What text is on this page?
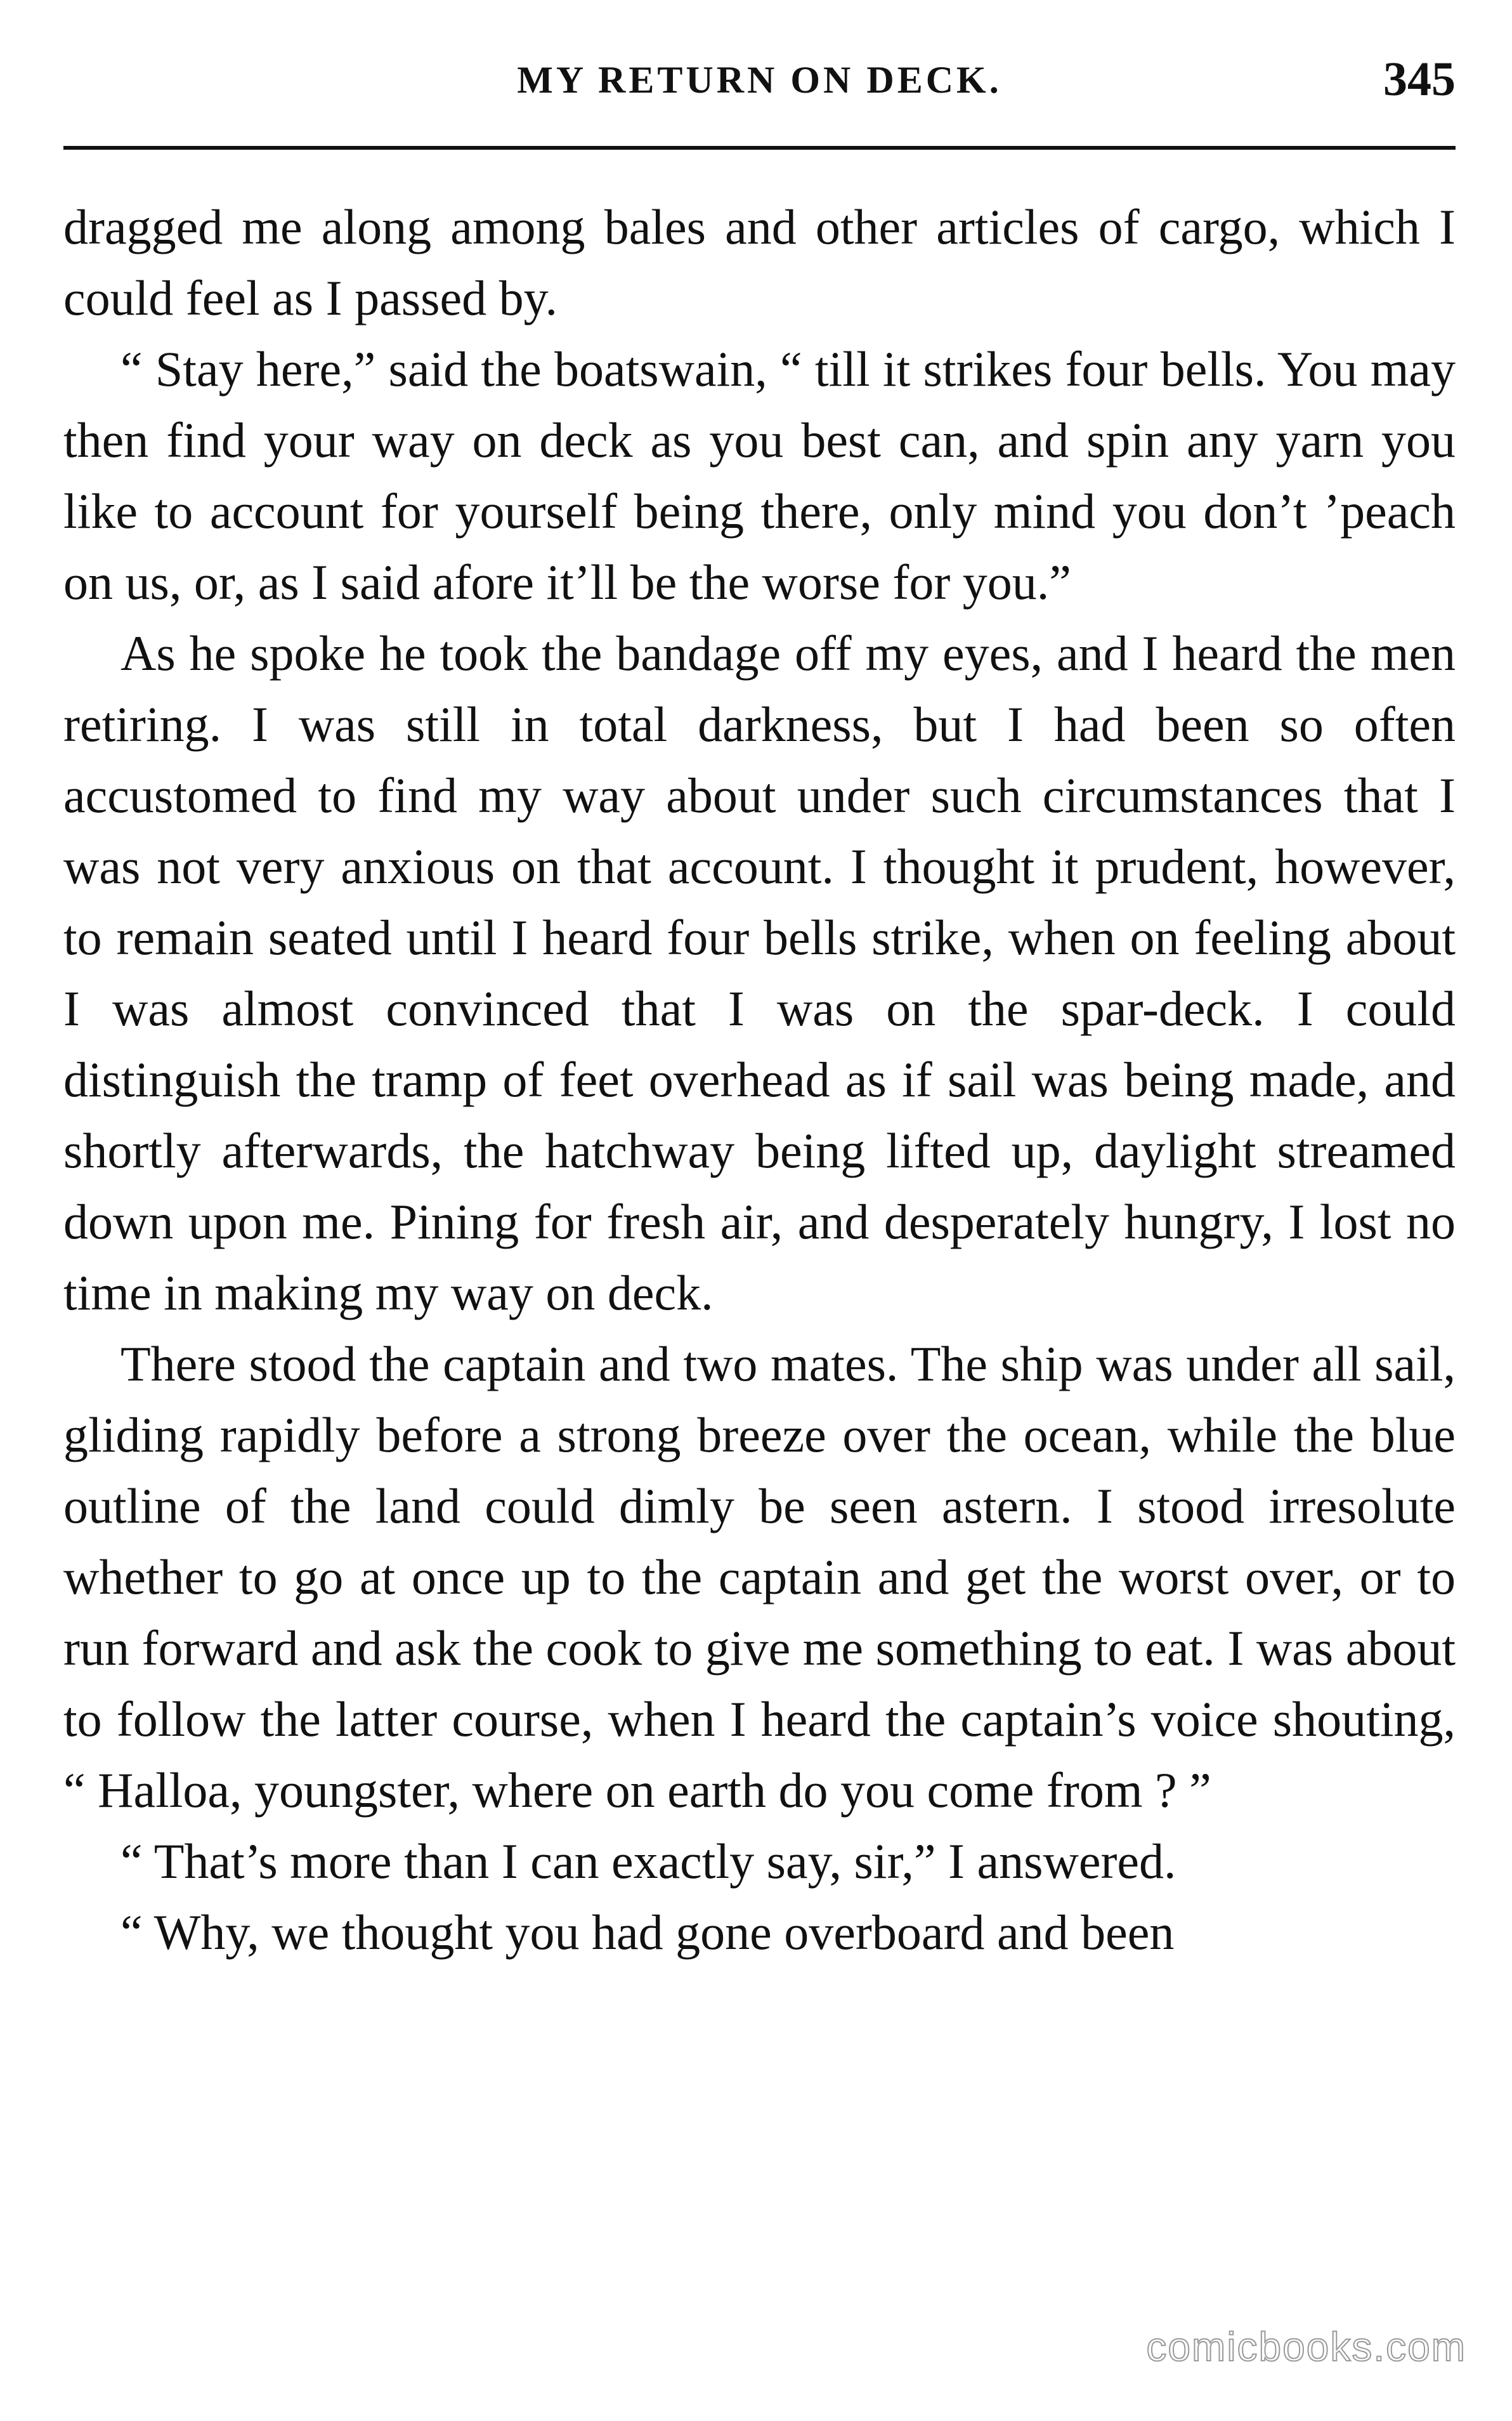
MY RETURN ON DECK.	345

dragged me along among bales and other articles of cargo, which I could feel as I passed by.

“ Stay here,” said the boatswain, “ till it strikes four bells. You may then find your way on deck as you best can, and spin any yarn you like to account for yourself being there, only mind you don’t ’peach on us, or, as I said afore it’ll be the worse for you.”

As he spoke he took the bandage off my eyes, and I heard the men retiring. I was still in total darkness, but I had been so often accustomed to find my way about under such circumstances that I was not very anxious on that account. I thought it prudent, however, to remain seated until I heard four bells strike, when on feeling about I was almost convinced that I was on the spar-deck. I could distinguish the tramp of feet overhead as if sail was being made, and shortly afterwards, the hatchway being lifted up, daylight streamed down upon me. Pining for fresh air, and desperately hungry, I lost no time in making my way on deck.

There stood the captain and two mates. The ship was under all sail, gliding rapidly before a strong breeze over the ocean, while the blue outline of the land could dimly be seen astern. I stood irresolute whether to go at once up to the captain and get the worst over, or to run forward and ask the cook to give me something to eat. I was about to follow the latter course, when I heard the captain’s voice shouting, “ Halloa, youngster, where on earth do you come from ? ”

“ That’s more than I can exactly say, sir,” I answered.

“ Why, we thought you had gone overboard and been

comicbooks.com
